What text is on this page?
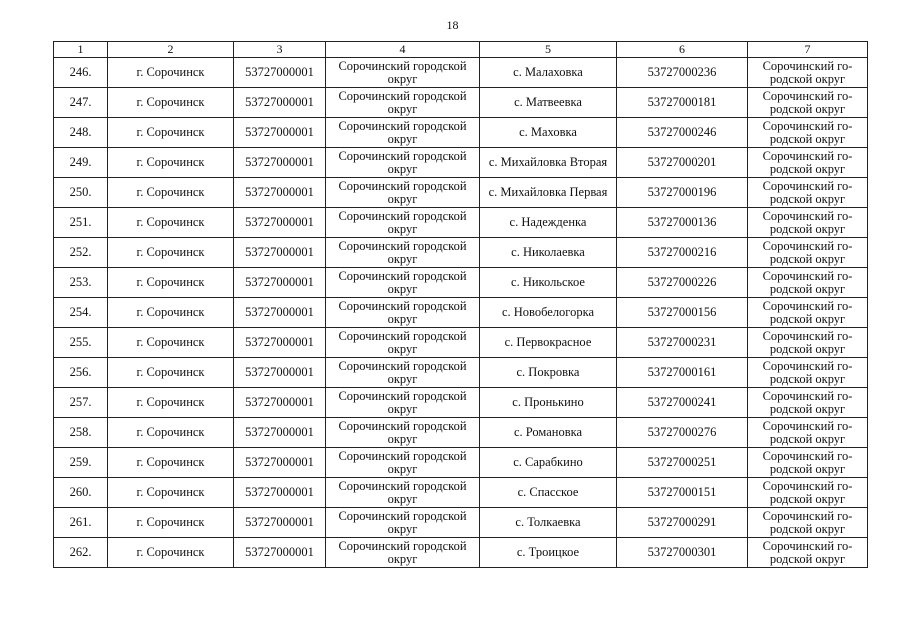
18
1	2	3	4	5	6	7
246.	г. Сорочинск	53727000001	Сорочинский городской округ	с. Малаховка	53727000236	Сорочинский го-родской округ
247.	г. Сорочинск	53727000001	Сорочинский городской округ	с. Матвеевка	53727000181	Сорочинский го-родской округ
248.	г. Сорочинск	53727000001	Сорочинский городской округ	с. Маховка	53727000246	Сорочинский го-родской округ
249.	г. Сорочинск	53727000001	Сорочинский городской округ	с. Михайловка Вторая	53727000201	Сорочинский го-родской округ
250.	г. Сорочинск	53727000001	Сорочинский городской округ	с. Михайловка Первая	53727000196	Сорочинский го-родской округ
251.	г. Сорочинск	53727000001	Сорочинский городской округ	с. Надежденка	53727000136	Сорочинский го-родской округ
252.	г. Сорочинск	53727000001	Сорочинский городской округ	с. Николаевка	53727000216	Сорочинский го-родской округ
253.	г. Сорочинск	53727000001	Сорочинский городской округ	с. Никольское	53727000226	Сорочинский го-родской округ
254.	г. Сорочинск	53727000001	Сорочинский городской округ	с. Новобелогорка	53727000156	Сорочинский го-родской округ
255.	г. Сорочинск	53727000001	Сорочинский городской округ	с. Первокрасное	53727000231	Сорочинский го-родской округ
256.	г. Сорочинск	53727000001	Сорочинский городской округ	с. Покровка	53727000161	Сорочинский го-родской округ
257.	г. Сорочинск	53727000001	Сорочинский городской округ	с. Пронькино	53727000241	Сорочинский го-родской округ
258.	г. Сорочинск	53727000001	Сорочинский городской округ	с. Романовка	53727000276	Сорочинский го-родской округ
259.	г. Сорочинск	53727000001	Сорочинский городской округ	с. Сарабкино	53727000251	Сорочинский го-родской округ
260.	г. Сорочинск	53727000001	Сорочинский городской округ	с. Спасское	53727000151	Сорочинский го-родской округ
261.	г. Сорочинск	53727000001	Сорочинский городской округ	с. Толкаевка	53727000291	Сорочинский го-родской округ
262.	г. Сорочинск	53727000001	Сорочинский городской округ	с. Троицкое	53727000301	Сорочинский го-родской округ
